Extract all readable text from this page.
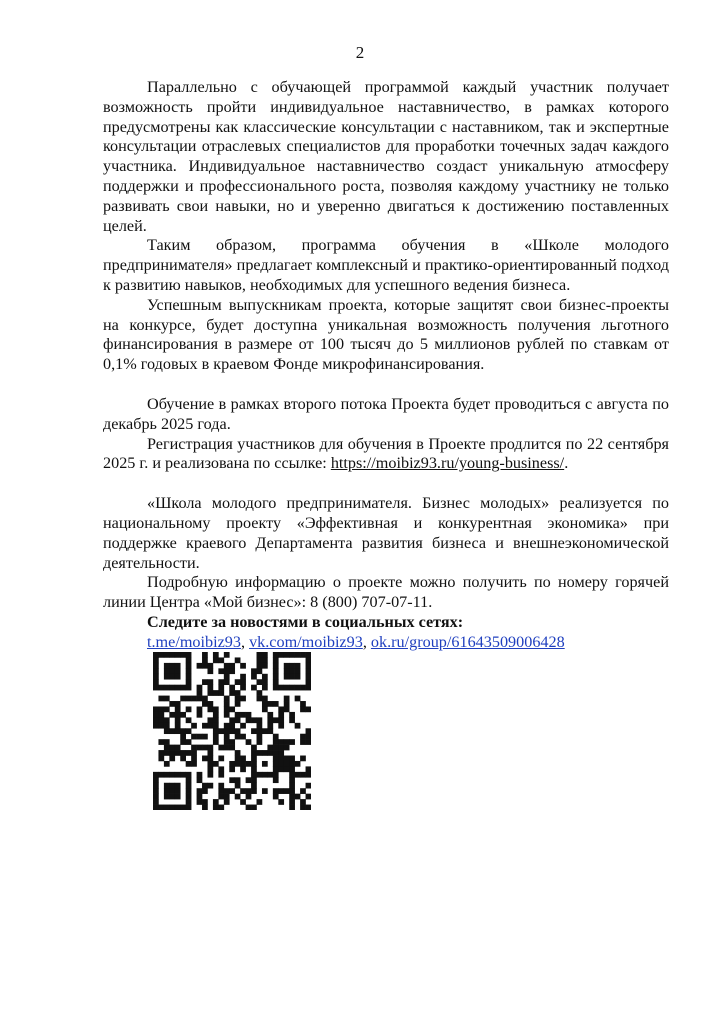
2

Параллельно с обучающей программой каждый участник получает возможность пройти индивидуальное наставничество, в рамках которого предусмотрены как классические консультации с наставником, так и экспертные консультации отраслевых специалистов для проработки точечных задач каждого участника. Индивидуальное наставничество создаст уникальную атмосферу поддержки и профессионального роста, позволяя каждому участнику не только развивать свои навыки, но и уверенно двигаться к достижению поставленных целей.

Таким образом, программа обучения в «Школе молодого предпринимателя» предлагает комплексный и практико-ориентированный подход к развитию навыков, необходимых для успешного ведения бизнеса.

Успешным выпускникам проекта, которые защитят свои бизнес-проекты на конкурсе, будет доступна уникальная возможность получения льготного финансирования в размере от 100 тысяч до 5 миллионов рублей по ставкам от 0,1% годовых в краевом Фонде микрофинансирования.

Обучение в рамках второго потока Проекта будет проводиться с августа по декабрь 2025 года.

Регистрация участников для обучения в Проекте продлится по 22 сентября 2025 г. и реализована по ссылке: https://moibiz93.ru/young-business/.

«Школа молодого предпринимателя. Бизнес молодых» реализуется по национальному проекту «Эффективная и конкурентная экономика» при поддержке краевого Департамента развития бизнеса и внешнеэкономической деятельности.

Подробную информацию о проекте можно получить по номеру горячей линии Центра «Мой бизнес»: 8 (800) 707-07-11.

Следите за новостями в социальных сетях:

t.me/moibiz93, vk.com/moibiz93, ok.ru/group/61643509006428
